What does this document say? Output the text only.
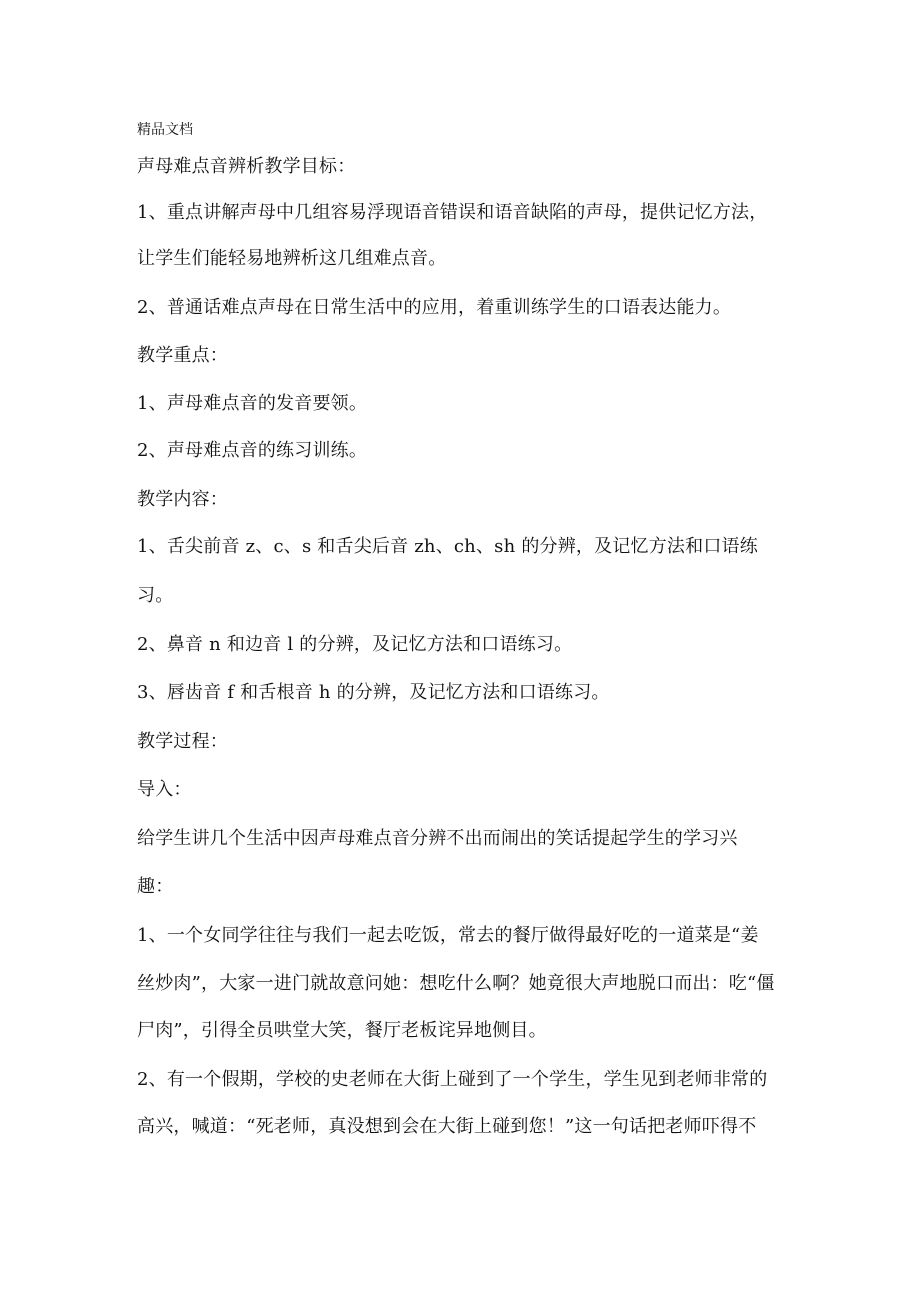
精品文档
声母难点音辨析教学目标：
1、重点讲解声母中几组容易浮现语音错误和语音缺陷的声母，提供记忆方法，
让学生们能轻易地辨析这几组难点音。
2、普通话难点声母在日常生活中的应用，着重训练学生的口语表达能力。
教学重点：
1、声母难点音的发音要领。
2、声母难点音的练习训练。
教学内容：
1、舌尖前音 z、c、s 和舌尖后音 zh、ch、sh 的分辨，及记忆方法和口语练
习。
2、鼻音 n 和边音 l 的分辨，及记忆方法和口语练习。
3、唇齿音 f 和舌根音 h 的分辨，及记忆方法和口语练习。
教学过程：
导入：
给学生讲几个生活中因声母难点音分辨不出而闹出的笑话提起学生的学习兴
趣：
1、一个女同学往往与我们一起去吃饭，常去的餐厅做得最好吃的一道菜是“姜
丝炒肉”，大家一进门就故意问她：想吃什么啊？她竟很大声地脱口而出：吃“僵
尸肉”，引得全员哄堂大笑，餐厅老板诧异地侧目。
2、有一个假期，学校的史老师在大街上碰到了一个学生，学生见到老师非常的
高兴，喊道：“死老师，真没想到会在大街上碰到您！”这一句话把老师吓得不
